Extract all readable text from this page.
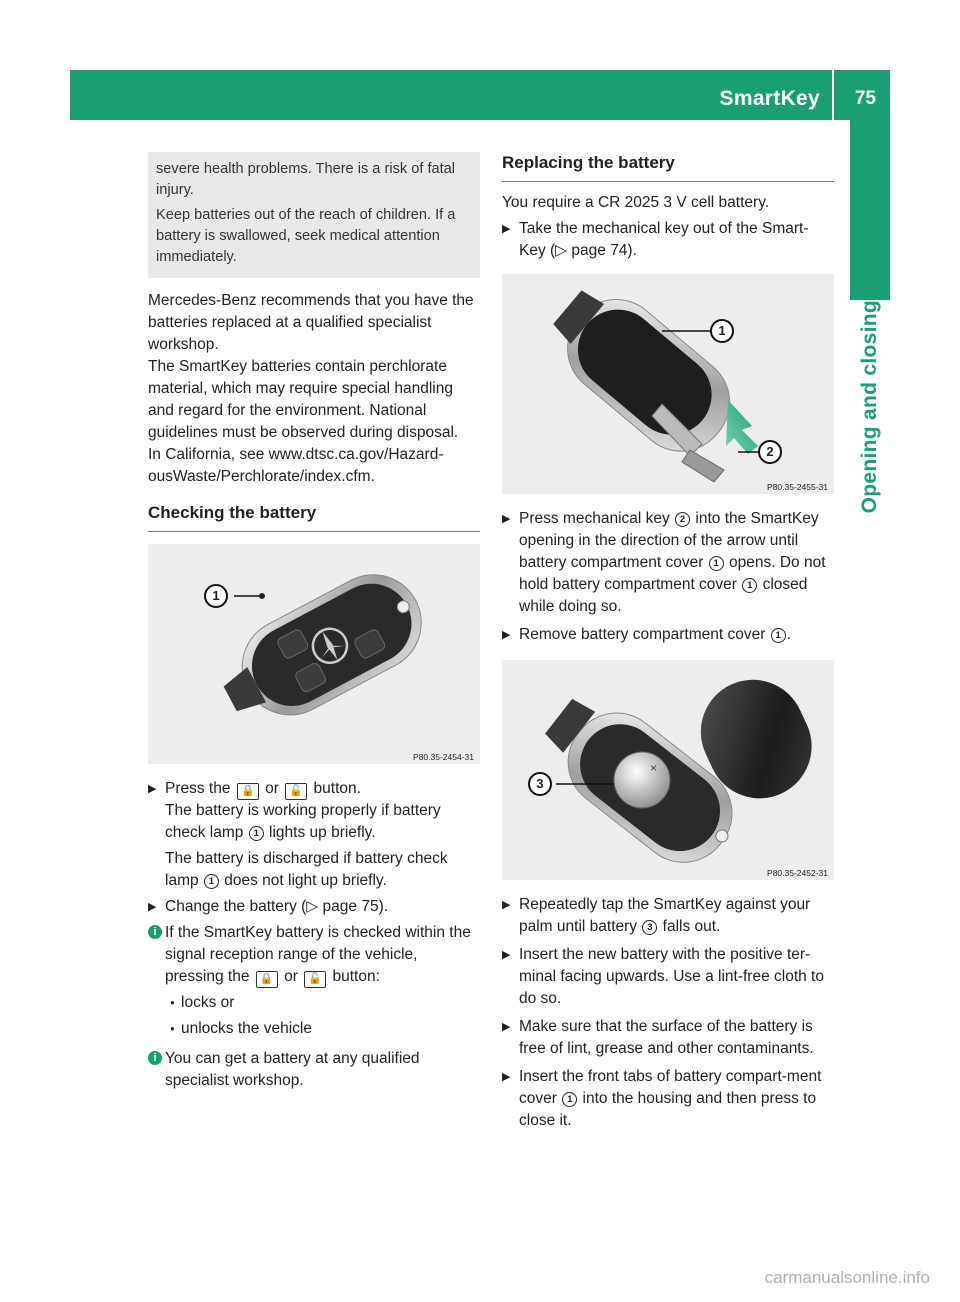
SmartKey 75
Opening and closing

severe health problems. There is a risk of fatal injury.

Keep batteries out of the reach of children. If a battery is swallowed, seek medical attention immediately.

Mercedes-Benz recommends that you have the batteries replaced at a qualified specialist workshop.

The SmartKey batteries contain perchlorate material, which may require special handling and regard for the environment. National guidelines must be observed during disposal.

In California, see www.dtsc.ca.gov/Hazard-ousWaste/Perchlorate/index.cfm.

Checking the battery
P80.35-2454-31
1
▶ Press the 🔒 or 🔓 button.
The battery is working properly if battery check lamp 1 lights up briefly.

The battery is discharged if battery check lamp 1 does not light up briefly.

▶ Change the battery (▷ page 75).
i If the SmartKey battery is checked within the signal reception range of the vehicle, pressing the 🔒 or 🔓 button:
● locks or
● unlocks the vehicle
i You can get a battery at any qualified specialist workshop.
Replacing the battery

You require a CR 2025 3 V cell battery.

▶ Take the mechanical key out of the Smart-Key (▷ page 74).
P80.35-2455-31
1
2
▶ Press mechanical key 2 into the SmartKey opening in the direction of the arrow until battery compartment cover 1 opens. Do not hold battery compartment cover 1 closed while doing so.
▶ Remove battery compartment cover 1 .
×
P80.35-2452-31
3
▶ Repeatedly tap the SmartKey against your palm until battery 3 falls out.
▶ Insert the new battery with the positive ter-minal facing upwards. Use a lint-free cloth to do so.
▶ Make sure that the surface of the battery is free of lint, grease and other contaminants.
▶ Insert the front tabs of battery compart-ment cover 1 into the housing and then press to close it.
carmanualsonline.info
